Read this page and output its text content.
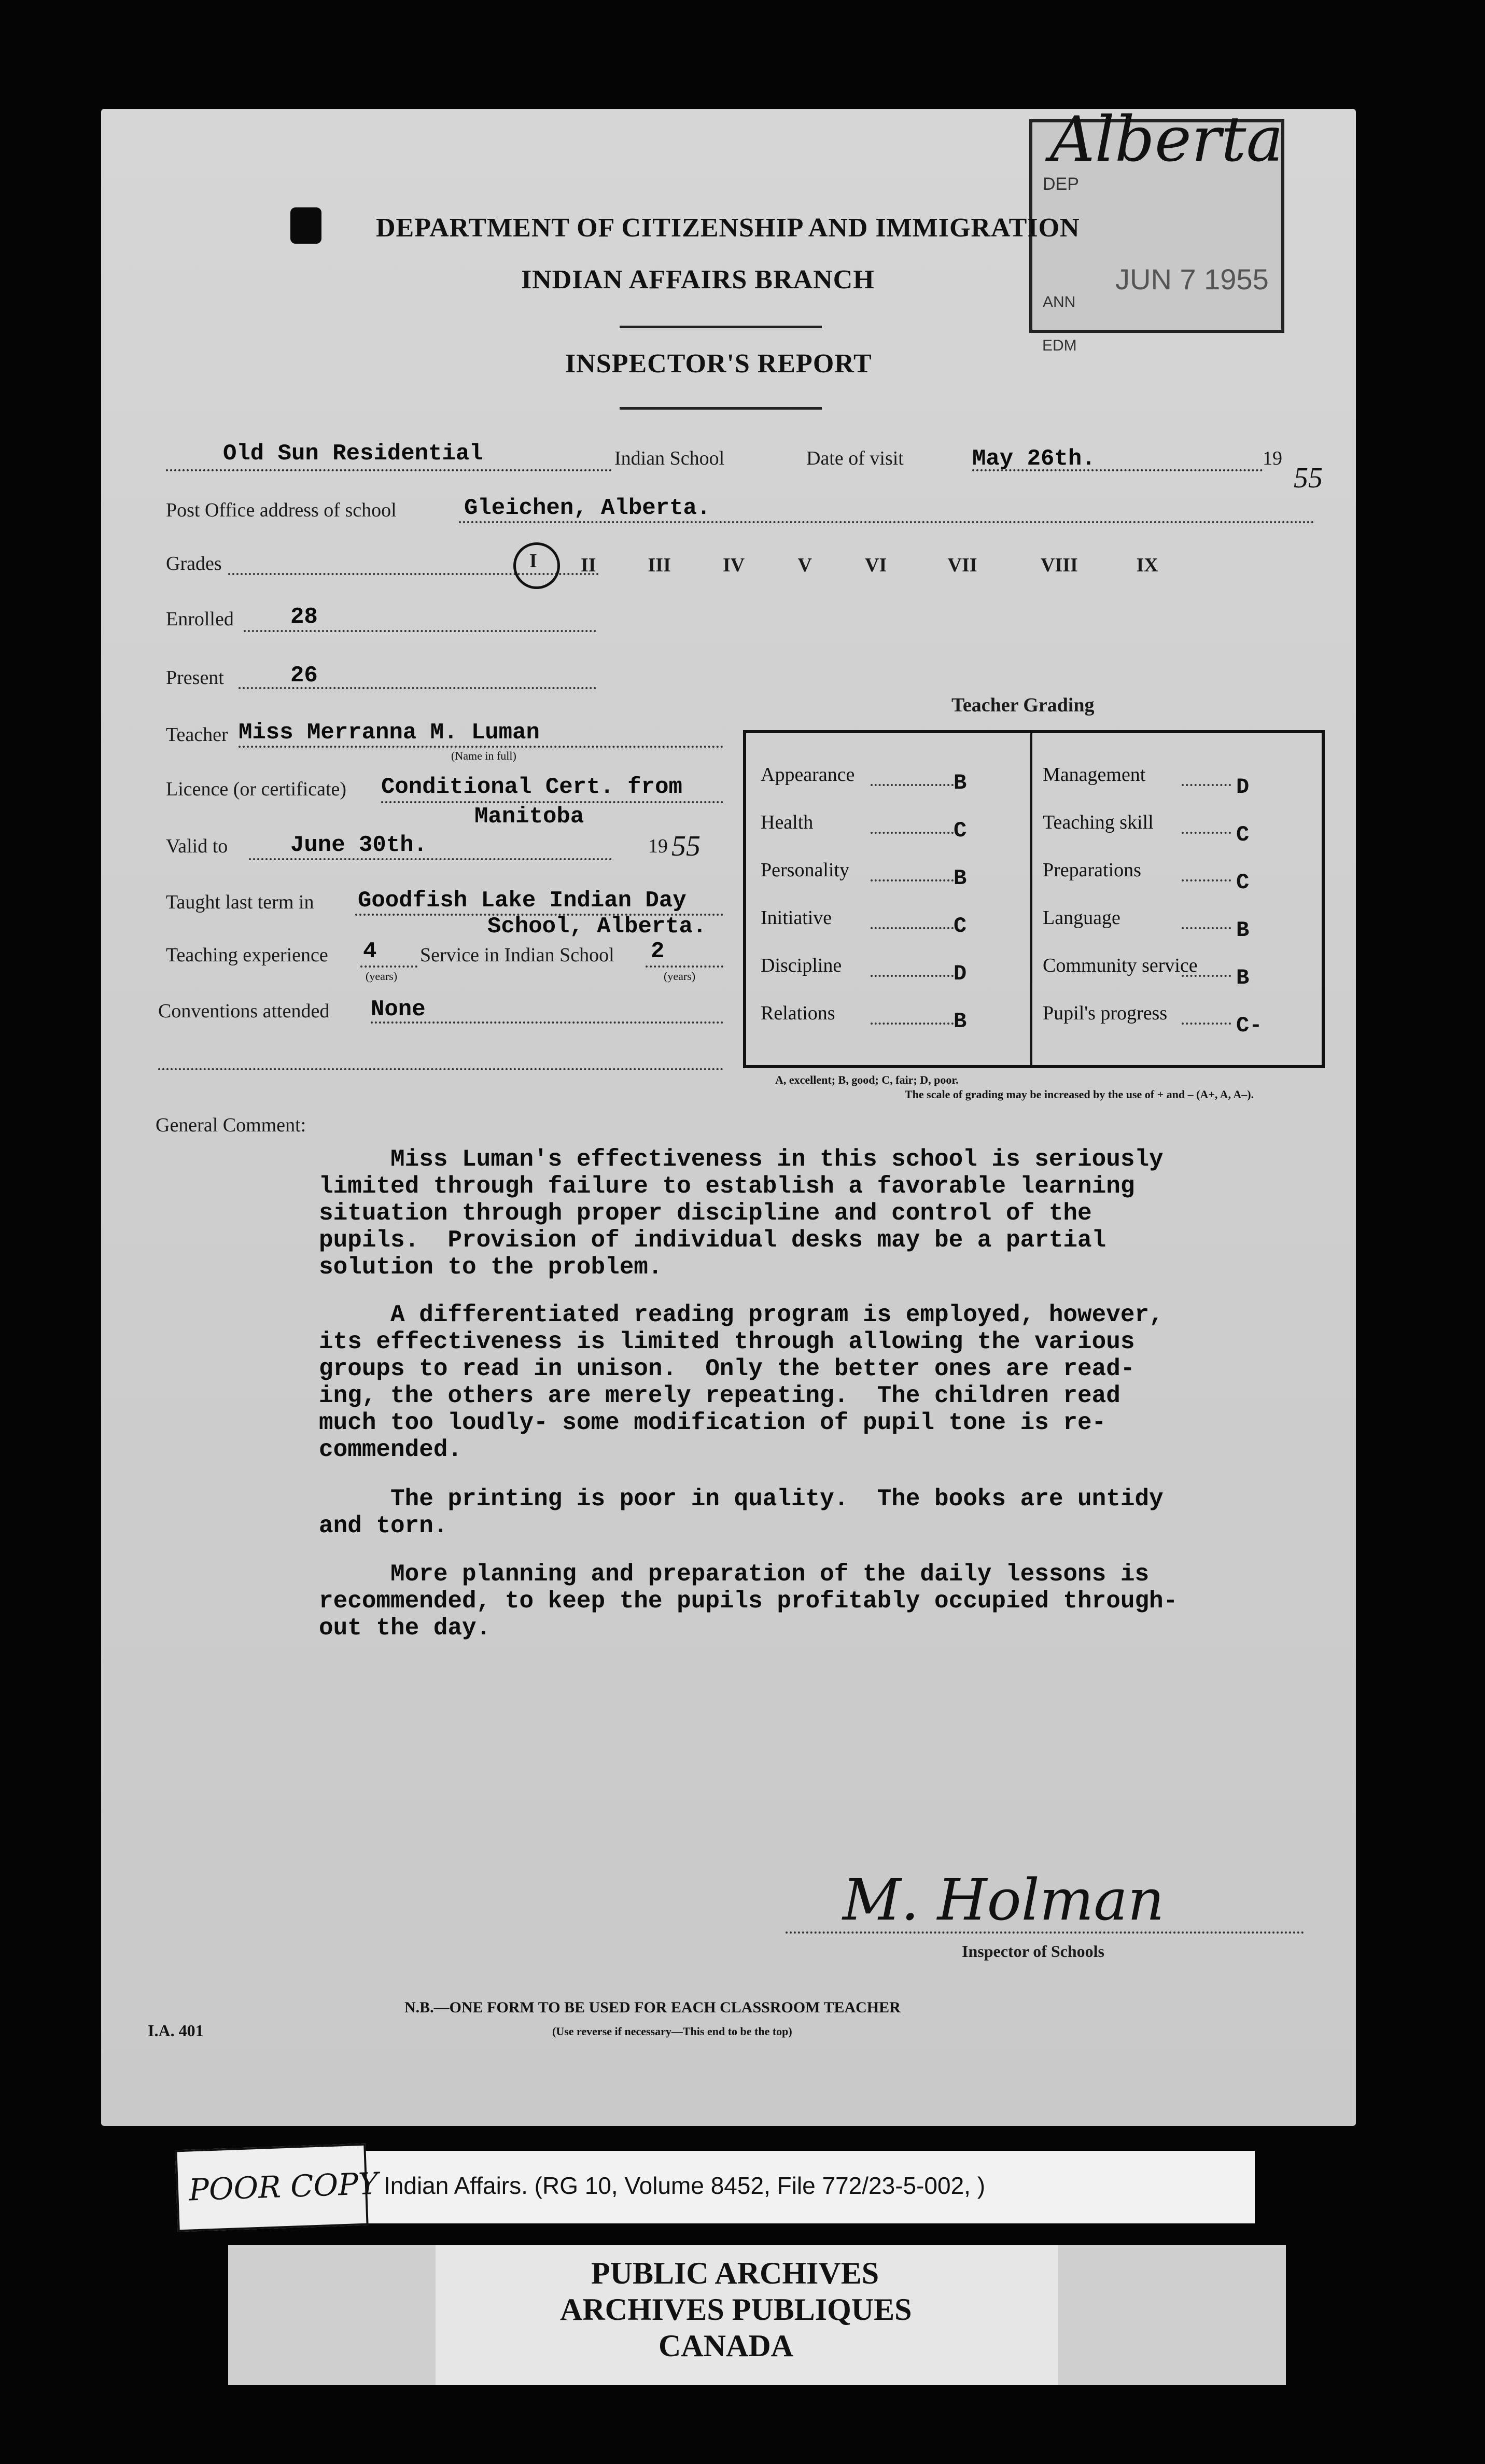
DEP
JUN 7 1955
ANN
EDM
Alberta
DEPARTMENT OF CITIZENSHIP AND IMMIGRATION
INDIAN AFFAIRS BRANCH
INSPECTOR'S REPORT
Old Sun Residential	Indian School	Date of visit	May 26th.	19
55
Post Office address of school	Gleichen, Alberta.
Grades	I II	III	IV	V	VI	VII	VIII	IX
Enrolled 28
Present	26
Teacher Miss Merranna M. Luman
(Name in full)
Licence (or certificate) Conditional Cert. from
Manitoba
Valid to	June 30th.	19 55
Taught last term in Goodfish Lake Indian Day
School, Alberta.
Teaching experience 4
(years)
Service in Indian School 2
(years)
Conventions attended None
Teacher Grading
Appearance	B
Health	C
Personality	B
Initiative	C
Discipline	D
Relations	B
Management	D
Teaching skill	C
Preparations	C
Language	B
Community service B
Pupil's progress	C-
A, excellent; B, good; C, fair; D, poor.
The scale of grading may be increased by the use of + and – (A+, A, A–).
General Comment:
Miss Luman's effectiveness in this school is seriously
limited through failure to establish a favorable learning
situation through proper discipline and control of the
pupils.  Provision of individual desks may be a partial
solution to the problem.
A differentiated reading program is employed, however,
its effectiveness is limited through allowing the various
groups to read in unison.  Only the better ones are read-
ing, the others are merely repeating.  The children read
much too loudly- some modification of pupil tone is re-
commended.
The printing is poor in quality.  The books are untidy
and torn.
More planning and preparation of the daily lessons is
recommended, to keep the pupils profitably occupied through-
out the day.
M. Holman
Inspector of Schools
N.B.—ONE FORM TO BE USED FOR EACH CLASSROOM TEACHER
(Use reverse if necessary—This end to be the top)
I.A. 401
Indian Affairs. (RG 10, Volume 8452, File 772/23-5-002, )
POOR COPY
PUBLIC ARCHIVES
ARCHIVES PUBLIQUES
CANADA
